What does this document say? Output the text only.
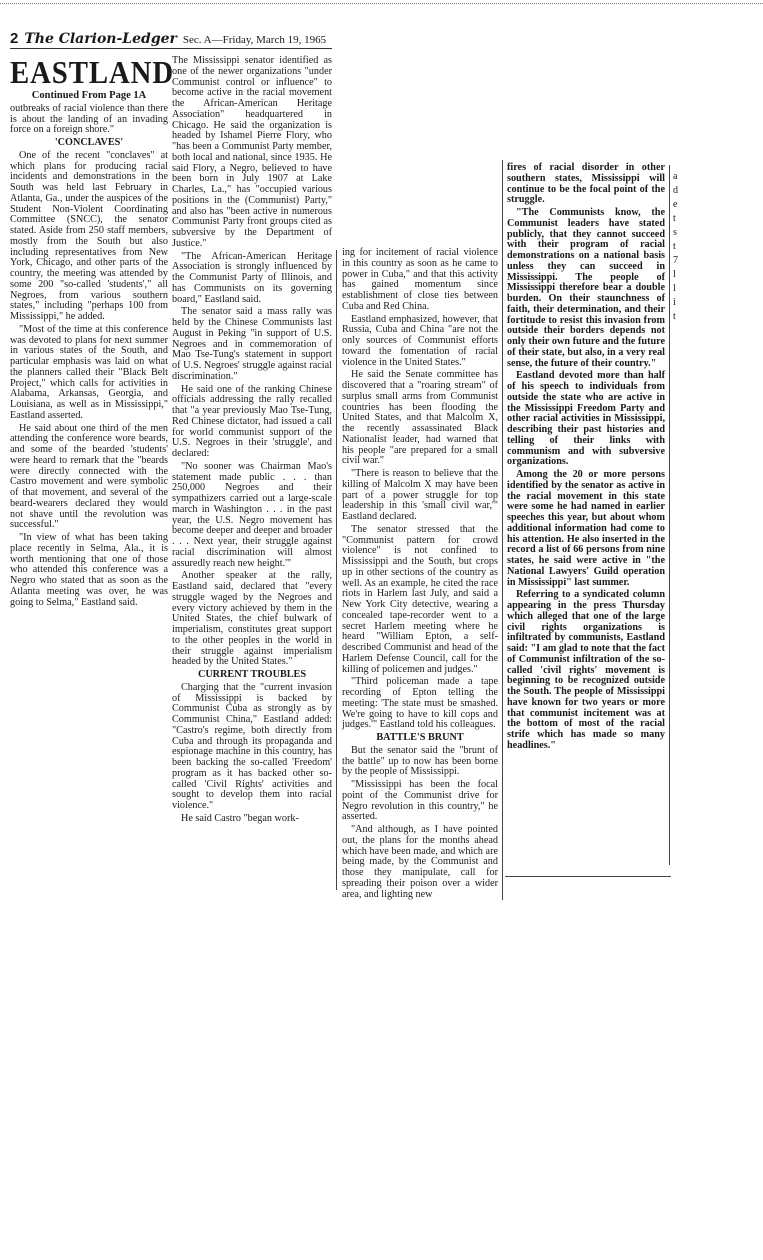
2 The Clarion-Ledger Sec. A—Friday, March 19, 1965
EASTLAND
Continued From Page 1A

outbreaks of racial violence than there is about the landing of an invading force on a foreign shore."

'CONCLAVES'

One of the recent "conclaves" at which plans for producing racial incidents and demonstrations in the South was held last February in Atlanta, Ga., under the auspices of the Student Non-Violent Coordinating Committee (SNCC), the senator stated. Aside from 250 staff members, mostly from the South but also including representatives from New York, Chicago, and other parts of the country, the meeting was attended by some 200 "so-called 'students'," all Negroes, from various southern states," including "perhaps 100 from Mississippi," he added.

"Most of the time at this conference was devoted to plans for next summer in various states of the South, and particular emphasis was laid on what the planners called their "Black Belt Project," which calls for activities in Alabama, Arkansas, Georgia, and Louisiana, as well as in Mississippi," Eastland asserted.

He said about one third of the men attending the conference wore beards, and some of the bearded 'students' were heard to remark that the "beards were directly connected with the Castro movement and were symbolic of that movement, and several of the beard-wearers declared they would not shave until the revolution was successful."

"In view of what has been taking place recently in Selma, Ala., it is worth mentioning that one of those who attended this conference was a Negro who stated that as soon as the Atlanta meeting was over, he was going to Selma," Eastland said.

The Mississippi senator identified as one of the newer organizations "under Communist control or influence" to become active in the racial movement the African-American Heritage Association" headquartered in Chicago. He said the organization is headed by Ishamel Pierre Flory, who "has been a Communist Party member, both local and national, since 1935. He said Flory, a Negro, believed to have been born in July 1907 at Lake Charles, La.," has "occupied various positions in the (Communist) Party," and also has "been active in numerous Communist Party front groups cited as subversive by the Department of Justice."

"The African-American Heritage Association is strongly influenced by the Communist Party of Illinois, and has Communists on its governing board," Eastland said.

The senator said a mass rally was held by the Chinese Communists last August in Peking "in support of U.S. Negroes and in commemoration of Mao Tse-Tung's statement in support of U.S. Negroes' struggle against racial discrimination."

He said one of the ranking Chinese officials addressing the rally recalled that "a year previously Mao Tse-Tung, Red Chinese dictator, had issued a call for world communist support of the U.S. Negroes in their 'struggle', and declared:

"No sooner was Chairman Mao's statement made public . . . than 250,000 Negroes and their sympathizers carried out a large-scale march in Washington . . . in the past year, the U.S. Negro movement has become deeper and deeper and broader . . . Next year, their struggle against racial discrimination will almost assuredly reach new height.'"

Another speaker at the rally, Eastland said, declared that "every struggle waged by the Negroes and every victory achieved by them in the United States, the chief bulwark of imperialism, constitutes great support to the other peoples in the world in their struggle against imperialism headed by the United States."

CURRENT TROUBLES

Charging that the "current invasion of Mississippi is backed by Communist Cuba as strongly as by Communist China," Eastland added: "Castro's regime, both directly from Cuba and through its propaganda and espionage machine in this country, has been backing the so-called 'Freedom' program as it has backed other so-called 'Civil Rights' activities and sought to develop them into racial violence."

He said Castro "began work-

ing for incitement of racial violence in this country as soon as he came to power in Cuba," and that this activity has gained momentum since establishment of close ties between Cuba and Red China.

Eastland emphasized, however, that Russia, Cuba and China "are not the only sources of Communist efforts toward the fomentation of racial violence in the United States."

He said the Senate committee has discovered that a "roaring stream" of surplus small arms from Communist countries has been flooding the United States, and that Malcolm X, the recently assassinated Black Nationalist leader, had warned that his people "are prepared for a small civil war."

"There is reason to believe that the killing of Malcolm X may have been part of a power struggle for top leadership in this 'small civil war,'" Eastland declared.

The senator stressed that the "Communist pattern for crowd violence" is not confined to Mississippi and the South, but crops up in other sections of the country as well. As an example, he cited the race riots in Harlem last July, and said a New York City detective, wearing a concealed tape-recorder went to a secret Harlem meeting where he heard "William Epton, a self-described Communist and head of the Harlem Defense Council, call for the killing of policemen and judges."

"Third policeman made a tape recording of Epton telling the meeting: 'The state must be smashed. We're going to have to kill cops and judges.'" Eastland told his colleagues.

BATTLE'S BRUNT

But the senator said the "brunt of the battle" up to now has been borne by the people of Mississippi.

"Mississippi has been the focal point of the Communist drive for Negro revolution in this country," he asserted.

"And although, as I have pointed out, the plans for the months ahead which have been made, and which are being made, by the Communist and those they manipulate, call for spreading their poison over a wider area, and lighting new

fires of racial disorder in other southern states, Mississippi will continue to be the focal point of the struggle.

"The Communists know, the Communist leaders have stated publicly, that they cannot succeed with their program of racial demonstrations on a national basis unless they can succeed in Mississippi. The people of Mississippi therefore bear a double burden. On their staunchness of faith, their determination, and their fortitude to resist this invasion from outside their borders depends not only their own future and the future of their state, but also, in a very real sense, the future of their country."

Eastland devoted more than half of his speech to individuals from outside the state who are active in the Mississippi Freedom Party and other racial activities in Mississippi, describing their past histories and telling of their links with communism and with subversive organizations.

Among the 20 or more persons identified by the senator as active in the racial movement in this state were some he had named in earlier speeches this year, but about whom additional information had come to his attention. He also inserted in the record a list of 66 persons from nine states, he said were active in "the National Lawyers' Guild operation in Mississippi" last summer.

Referring to a syndicated column appearing in the press Thursday which alleged that one of the large civil rights organizations is infiltrated by communists, Eastland said: "I am glad to note that the fact of Communist infiltration of the so-called 'civil rights' movement is beginning to be recognized outside the South. The people of Mississippi have known for two years or more that communist incitement was at the bottom of most of the racial strife which has made so many headlines."

a
d
e
t
s
t
7
l
l
i
t
